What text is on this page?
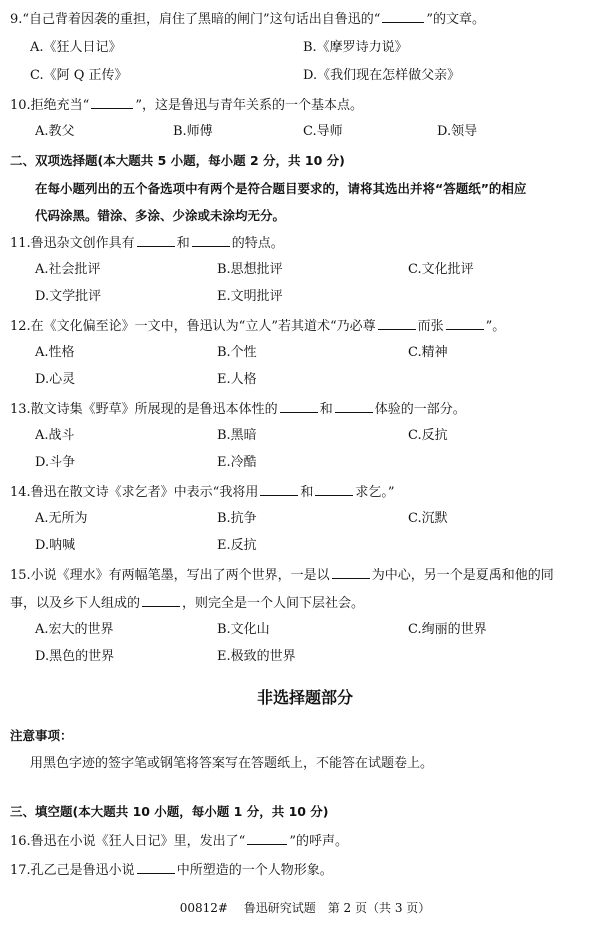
9.“自己背着因袭的重担，肩住了黑暗的闸门”这句话出自鲁迅的“	”的文章。
A.《狂人日记》	B.《摩罗诗力说》
C.《阿 Q 正传》	D.《我们现在怎样做父亲》
10.拒绝充当“	”，这是鲁迅与青年关系的一个基本点。
A.教父	B.师傅	C.导师	D.领导
二、双项选择题(本大题共 5 小题，每小题 2 分，共 10 分)
在每小题列出的五个备选项中有两个是符合题目要求的，请将其选出并将“答题纸”的相应
代码涂黑。错涂、多涂、少涂或未涂均无分。
11.鲁迅杂文创作具有	和	的特点。
A.社会批评	B.思想批评	C.文化批评
D.文学批评	E.文明批评
12.在《文化偏至论》一文中，鲁迅认为“立人”若其道术“乃必尊	而张	”。
A.性格	B.个性	C.精神
D.心灵	E.人格
13.散文诗集《野草》所展现的是鲁迅本体性的	和	体验的一部分。
A.战斗	B.黑暗	C.反抗
D.斗争	E.冷酷
14.鲁迅在散文诗《求乞者》中表示“我将用	和	求乞。”
A.无所为	B.抗争	C.沉默
D.呐喊	E.反抗
15.小说《理水》有两幅笔墨，写出了两个世界，一是以	为中心，另一个是夏禹和他的同
事，以及乡下人组成的	，则完全是一个人间下层社会。
A.宏大的世界	B.文化山	C.绚丽的世界
D.黑色的世界	E.极致的世界
非选择题部分
注意事项：
用黑色字迹的签字笔或钢笔将答案写在答题纸上，不能答在试题卷上。
三、填空题(本大题共 10 小题，每小题 1 分，共 10 分)
16.鲁迅在小说《狂人日记》里，发出了“	”的呼声。
17.孔乙己是鲁迅小说	中所塑造的一个人物形象。
00812#　 鲁迅研究试题　第 2 页（共 3 页）
